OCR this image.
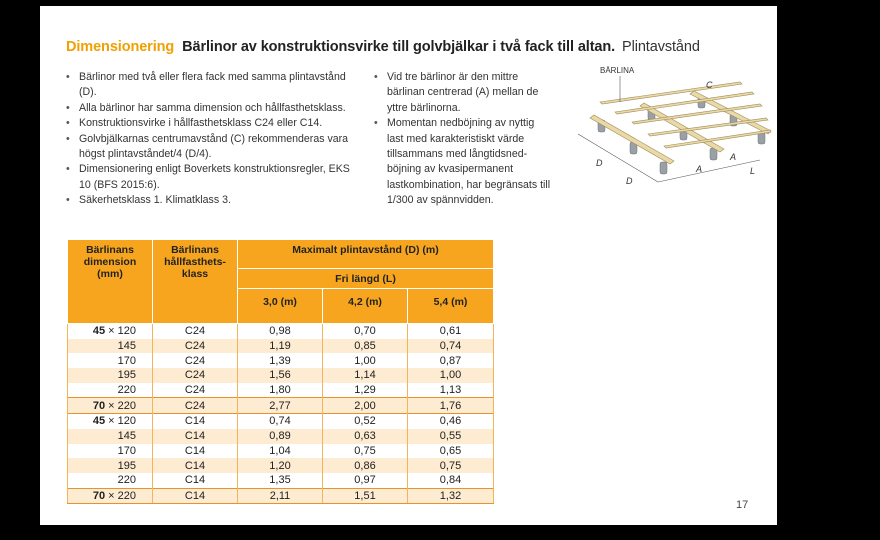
Dimensionering Bärlinor av konstruktionsvirke till golvbjälkar i två fack till altan. Plintavstånd
• Bärlinor med två eller flera fack med samma plintavstånd (D).
• Alla bärlinor har samma dimension och hållfasthetsklass.
• Konstruktionsvirke i hållfasthetsklass C24 eller C14.
• Golvbjälkarnas centrumavstånd (C) rekommenderas vara högst plintavståndet/4 (D/4).
• Dimensionering enligt Boverkets konstruktionsregler, EKS 10 (BFS 2015:6).
• Säkerhetsklass 1. Klimatklass 3.
• Vid tre bärlinor är den mittre bärlinan centrerad (A) mellan de yttre bärlinorna.
• Momentan nedböjning av nyttig last med karakteristiskt värde tillsammans med långtidsned-böjning av kvasipermanent lastkombination, har begränsats till 1/300 av spännvidden.
BÄRLINA
C
D
D
A
A
L
Bärlinans dimension (mm)	Bärlinans hållfasthets-klass	Maximalt plintavstånd (D) (m)		
		Fri längd (L)		
		3,0 (m)	4,2 (m)	5,4 (m)
45 × 120	C24	0,98	0,70	0,61
145	C24	1,19	0,85	0,74
170	C24	1,39	1,00	0,87
195	C24	1,56	1,14	1,00
220	C24	1,80	1,29	1,13
70 × 220	C24	2,77	2,00	1,76
45 × 120	C14	0,74	0,52	0,46
145	C14	0,89	0,63	0,55
170	C14	1,04	0,75	0,65
195	C14	1,20	0,86	0,75
220	C14	1,35	0,97	0,84
70 × 220	C14	2,11	1,51	1,32
17
